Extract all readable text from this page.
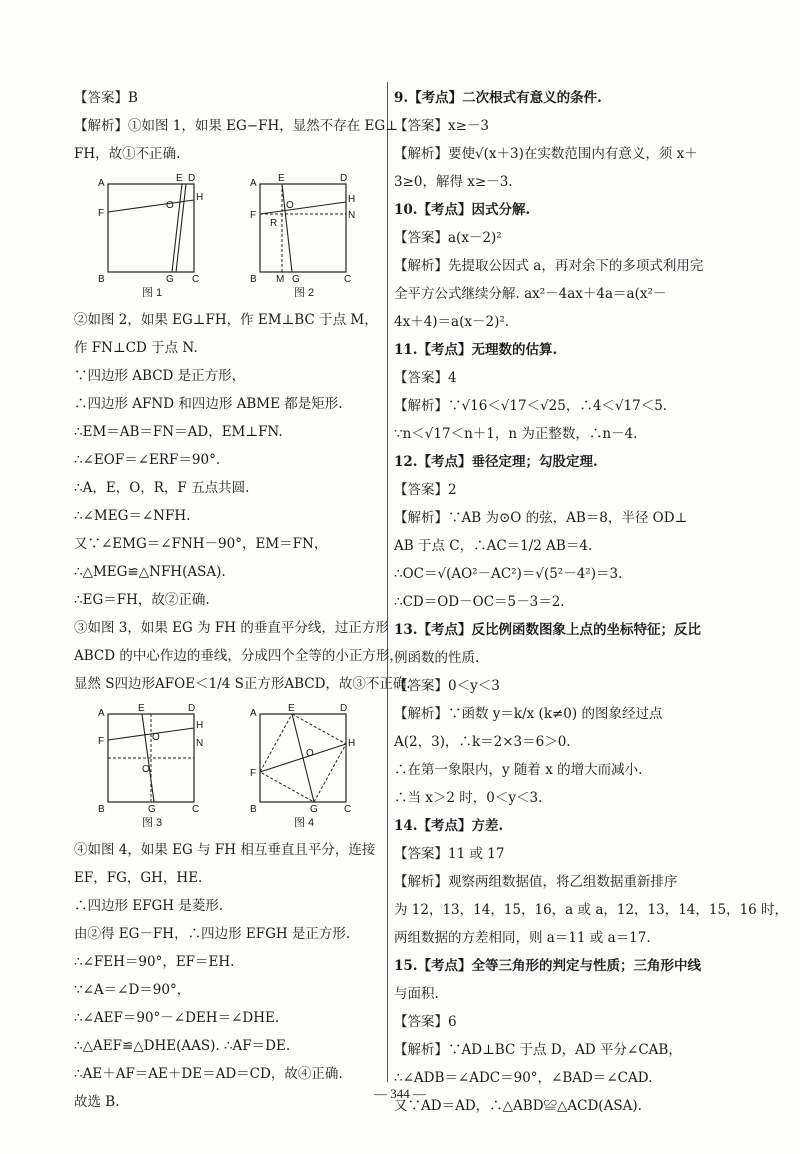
【答案】B
【解析】①如图 1，如果 EG−FH，显然不存在 EG⊥
FH，故①不正确.
A	E D
H
F
O
B	G C
图 1
A E	D
H
F
O
R
N
B M G	C
图 2
②如图 2，如果 EG⊥FH，作 EM⊥BC 于点 M，
作 FN⊥CD 于点 N.
∵四边形 ABCD 是正方形，
∴四边形 AFND 和四边形 ABME 都是矩形.
∴EM＝AB＝FN＝AD，EM⊥FN.
∴∠EOF＝∠ERF＝90°.
∴A，E，O，R，F 五点共圆.
∴∠MEG＝∠NFH.
又∵∠EMG＝∠FNH－90°，EM＝FN，
∴△MEG≌△NFH(ASA).
∴EG＝FH，故②正确.
③如图 3，如果 EG 为 FH 的垂直平分线，过正方形
ABCD 的中心作边的垂线，分成四个全等的小正方形，
显然 S四边形AFOE＜1/4 S正方形ABCD，故③不正确.
A	E	D
H
F	O
O
N
B	G	C
图 3
A	E	D
H
F
O
B	G	C
图 4
④如图 4，如果 EG 与 FH 相互垂直且平分，连接
EF，FG，GH，HE.
∴四边形 EFGH 是菱形.
由②得 EG－FH，∴四边形 EFGH 是正方形.
∴∠FEH＝90°，EF＝EH.
∵∠A＝∠D＝90°，
∴∠AEF＝90°－∠DEH＝∠DHE.
∴△AEF≌△DHE(AAS). ∴AF＝DE.
∴AE＋AF＝AE＋DE＝AD＝CD，故④正确.
故选 B.
9.【考点】二次根式有意义的条件.
【答案】x≥－3
【解析】要使√(x＋3)在实数范围内有意义，须 x＋
3≥0，解得 x≥－3.
10.【考点】因式分解.
【答案】a(x－2)²
【解析】先提取公因式 a，再对余下的多项式利用完
全平方公式继续分解. ax²－4ax＋4a＝a(x²－
4x＋4)＝a(x－2)².
11.【考点】无理数的估算.
【答案】4
【解析】∵√16＜√17＜√25，∴4＜√17＜5.
∵n＜√17＜n＋1，n 为正整数，∴n－4.
12.【考点】垂径定理；勾股定理.
【答案】2
【解析】∵AB 为⊙O 的弦，AB＝8，半径 OD⊥
AB 于点 C，∴AC＝1/2 AB＝4.
∴OC＝√(AO²－AC²)＝√(5²－4²)＝3.
∴CD＝OD－OC＝5－3＝2.
13.【考点】反比例函数图象上点的坐标特征；反比
例函数的性质.
【答案】0＜y＜3
【解析】∵函数 y＝k/x (k≠0) 的图象经过点
A(2，3)，∴k＝2×3＝6＞0.
∴在第一象限内，y 随着 x 的增大而减小.
∴当 x＞2 时，0＜y＜3.
14.【考点】方差.
【答案】11 或 17
【解析】观察两组数据值，将乙组数据重新排序
为 12，13，14，15，16，a 或 a，12，13，14，15，16 时，
两组数据的方差相同，则 a＝11 或 a＝17.
15.【考点】全等三角形的判定与性质；三角形中线
与面积.
【答案】6
【解析】∵AD⊥BC 于点 D，AD 平分∠CAB，
∴∠ADB＝∠ADC＝90°，∠BAD＝∠CAD.
又∵AD＝AD，∴△ABD≌△ACD(ASA).
— 344 —
